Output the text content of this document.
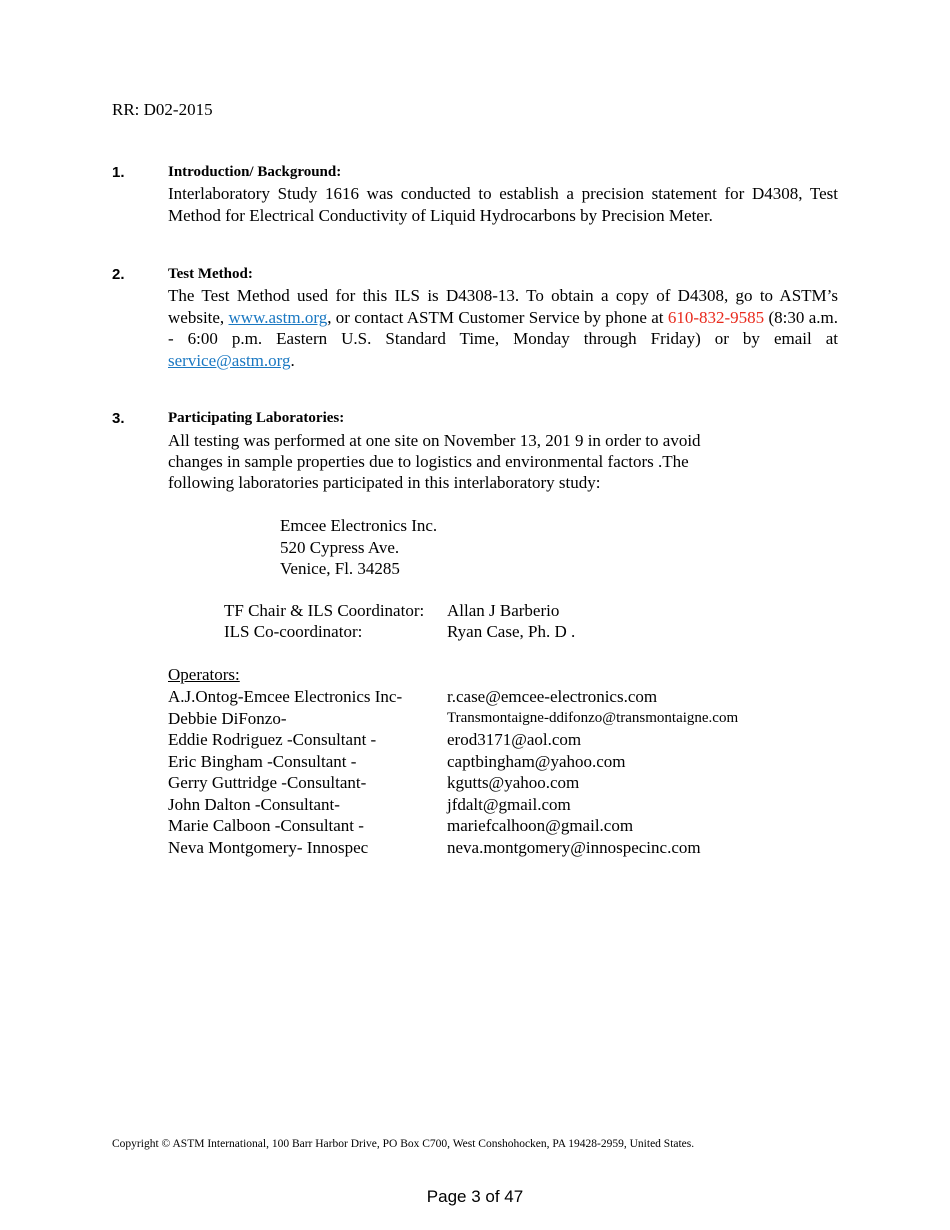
RR: D02-2015
1.	Introduction/ Background:
Interlaboratory Study 1616 was conducted to establish a precision statement for D4308, Test Method for Electrical Conductivity of Liquid Hydrocarbons by Precision Meter.
2.	Test Method:
The Test Method used for this ILS is D4308-13. To obtain a copy of D4308, go to ASTM’s website, www.astm.org, or contact ASTM Customer Service by phone at 610-832-9585 (8:30 a.m. - 6:00 p.m. Eastern U.S. Standard Time, Monday through Friday) or by email at service@astm.org.
3.	Participating Laboratories:
All testing was performed at one site on November 13, 201 9 in order to avoid
changes in sample properties due to logistics and environmental factors .The
following laboratories participated in this interlaboratory study:
Emcee Electronics Inc.
520 Cypress Ave.
Venice, Fl. 34285
TF Chair & ILS Coordinator: Allan J Barberio
ILS Co-coordinator:	Ryan Case, Ph. D .
Operators:
A.J.Ontog-Emcee Electronics Inc-	r.case@emcee-electronics.com
Debbie DiFonzo-	Transmontaigne-ddifonzo@transmontaigne.com
Eddie Rodriguez -Consultant -	erod3171@aol.com
Eric Bingham -Consultant -	captbingham@yahoo.com
Gerry Guttridge -Consultant-	kgutts@yahoo.com
John Dalton -Consultant-	jfdalt@gmail.com
Marie Calboon -Consultant -	mariefcalhoon@gmail.com
Neva Montgomery- Innospec	neva.montgomery@innospecinc.com
Copyright © ASTM International, 100 Barr Harbor Drive, PO Box C700, West Conshohocken, PA 19428-2959, United States.
Page 3 of 47
